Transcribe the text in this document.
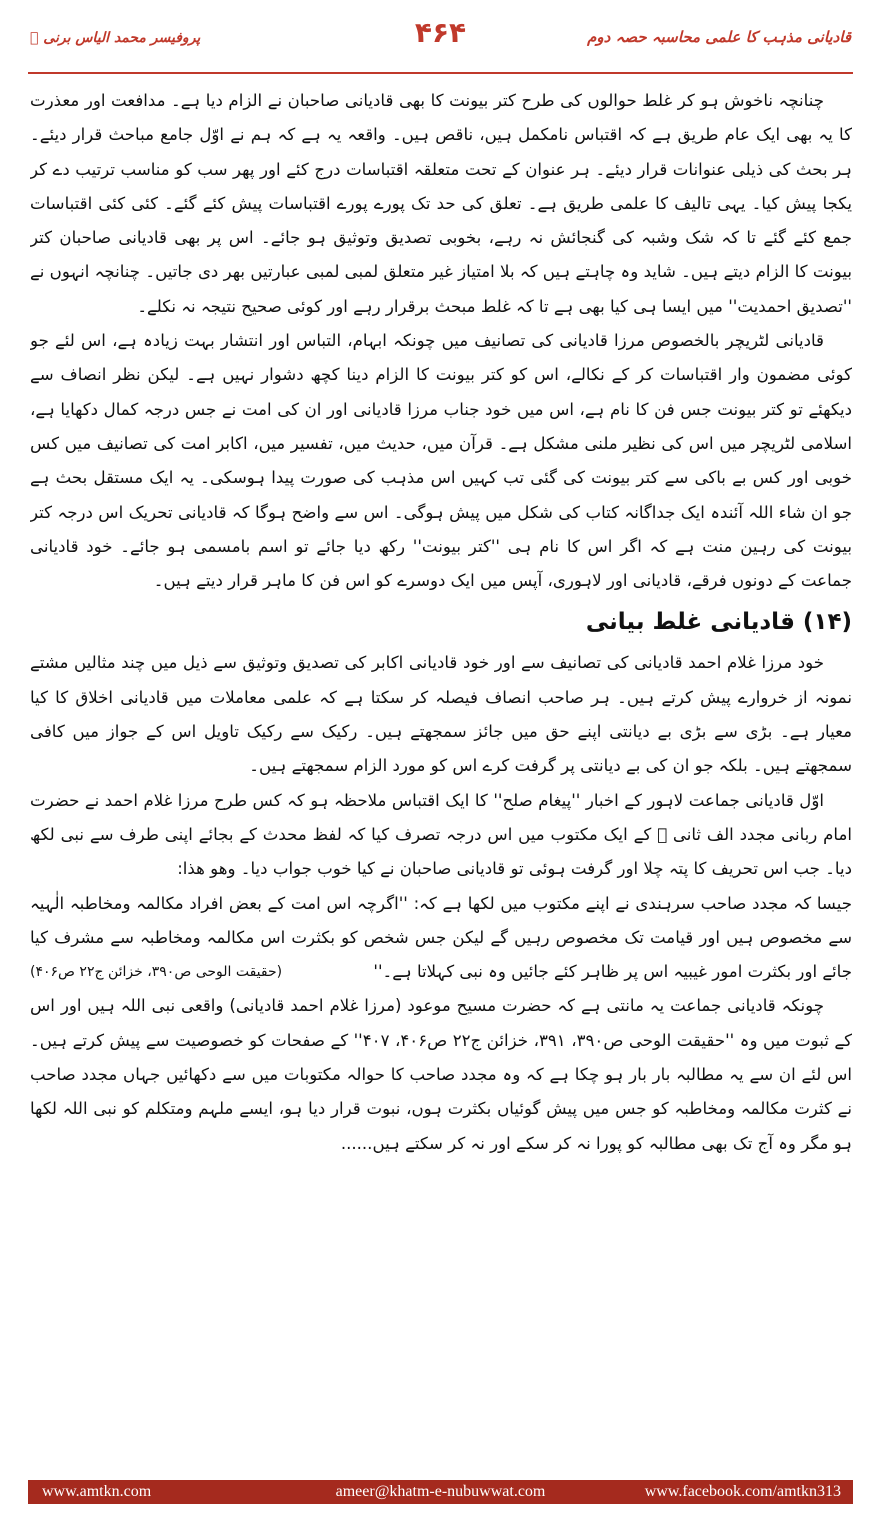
قادیانی مذہب کا علمی محاسبہ حصہ دوم
۴۶۴
پروفیسر محمد الیاس برنی ﷫

چنانچہ ناخوش ہو کر غلط حوالوں کی طرح کتر بیونت کا بھی قادیانی صاحبان نے الزام دیا ہے۔ مدافعت اور معذرت کا یہ بھی ایک عام طریق ہے کہ اقتباس نامکمل ہیں، ناقص ہیں۔ واقعہ یہ ہے کہ ہم نے اوّل جامع مباحث قرار دیئے۔ ہر بحث کی ذیلی عنوانات قرار دیئے۔ ہر عنوان کے تحت متعلقہ اقتباسات درج کئے اور پھر سب کو مناسب ترتیب دے کر یکجا پیش کیا۔ یہی تالیف کا علمی طریق ہے۔ تعلق کی حد تک پورے پورے اقتباسات پیش کئے گئے۔ کئی کئی اقتباسات جمع کئے گئے تا کہ شک وشبہ کی گنجائش نہ رہے، بخوبی تصدیق وتوثیق ہو جائے۔ اس پر بھی قادیانی صاحبان کتر بیونت کا الزام دیتے ہیں۔ شاید وہ چاہتے ہیں کہ بلا امتیاز غیر متعلق لمبی لمبی عبارتیں بھر دی جاتیں۔ چنانچہ انہوں نے ''تصدیق احمدیت'' میں ایسا ہی کیا بھی ہے تا کہ غلط مبحث برقرار رہے اور کوئی صحیح نتیجہ نہ نکلے۔

قادیانی لٹریچر بالخصوص مرزا قادیانی کی تصانیف میں چونکہ ابہام، التباس اور انتشار بہت زیادہ ہے، اس لئے جو کوئی مضمون وار اقتباسات کر کے نکالے، اس کو کتر بیونت کا الزام دینا کچھ دشوار نہیں ہے۔ لیکن نظر انصاف سے دیکھئے تو کتر بیونت جس فن کا نام ہے، اس میں خود جناب مرزا قادیانی اور ان کی امت نے جس درجہ کمال دکھایا ہے، اسلامی لٹریچر میں اس کی نظیر ملنی مشکل ہے۔ قرآن میں، حدیث میں، تفسیر میں، اکابر امت کی تصانیف میں کس خوبی اور کس بے باکی سے کتر بیونت کی گئی تب کہیں اس مذہب کی صورت پیدا ہوسکی۔ یہ ایک مستقل بحث ہے جو ان شاء اللہ آئندہ ایک جداگانہ کتاب کی شکل میں پیش ہوگی۔ اس سے واضح ہوگا کہ قادیانی تحریک اس درجہ کتر بیونت کی رہین منت ہے کہ اگر اس کا نام ہی ''کتر بیونت'' رکھ دیا جائے تو اسم بامسمی ہو جائے۔ خود قادیانی جماعت کے دونوں فرقے، قادیانی اور لاہوری، آپس میں ایک دوسرے کو اس فن کا ماہر قرار دیتے ہیں۔

(۱۴) قادیانی غلط بیانی

خود مرزا غلام احمد قادیانی کی تصانیف سے اور خود قادیانی اکابر کی تصدیق وتوثیق سے ذیل میں چند مثالیں مشتے نمونہ از خروارے پیش کرتے ہیں۔ ہر صاحب انصاف فیصلہ کر سکتا ہے کہ علمی معاملات میں قادیانی اخلاق کا کیا معیار ہے۔ بڑی سے بڑی بے دیانتی اپنے حق میں جائز سمجھتے ہیں۔ رکیک سے رکیک تاویل اس کے جواز میں کافی سمجھتے ہیں۔ بلکہ جو ان کی بے دیانتی پر گرفت کرے اس کو مورد الزام سمجھتے ہیں۔

اوّل قادیانی جماعت لاہور کے اخبار ''پیغام صلح'' کا ایک اقتباس ملاحظہ ہو کہ کس طرح مرزا غلام احمد نے حضرت امام ربانی مجدد الف ثانی ﷫ کے ایک مکتوب میں اس درجہ تصرف کیا کہ لفظ محدث کے بجائے اپنی طرف سے نبی لکھ دیا۔ جب اس تحریف کا پتہ چلا اور گرفت ہوئی تو قادیانی صاحبان نے کیا خوب جواب دیا۔ وھو ھذا:

جیسا کہ مجدد صاحب سرہندی نے اپنے مکتوب میں لکھا ہے کہ: ''اگرچہ اس امت کے بعض افراد مکالمہ ومخاطبہ الٰہیہ سے مخصوص ہیں اور قیامت تک مخصوص رہیں گے لیکن جس شخص کو بکثرت اس مکالمہ ومخاطبہ سے مشرف کیا جائے اور بکثرت امور غیبیہ اس پر ظاہر کئے جائیں وہ نبی کہلاتا ہے۔''

(حقیقت الوحی ص۳۹۰، خزائن ج۲۲ ص۴۰۶)

چونکہ قادیانی جماعت یہ مانتی ہے کہ حضرت مسیح موعود (مرزا غلام احمد قادیانی) واقعی نبی اللہ ہیں اور اس کے ثبوت میں وہ ''حقیقت الوحی ص۳۹۰، ۳۹۱، خزائن ج۲۲ ص۴۰۶، ۴۰۷'' کے صفحات کو خصوصیت سے پیش کرتے ہیں۔ اس لئے ان سے یہ مطالبہ بار بار ہو چکا ہے کہ وہ مجدد صاحب کا حوالہ مکتوبات میں سے دکھائیں جہاں مجدد صاحب نے کثرت مکالمہ ومخاطبہ کو جس میں پیش گوئیاں بکثرت ہوں، نبوت قرار دیا ہو، ایسے ملہم ومتکلم کو نبی اللہ لکھا ہو مگر وہ آج تک بھی مطالبہ کو پورا نہ کر سکے اور نہ کر سکتے ہیں......

www.amtkn.com	ameer@khatm-e-nubuwwat.com	www.facebook.com/amtkn313
